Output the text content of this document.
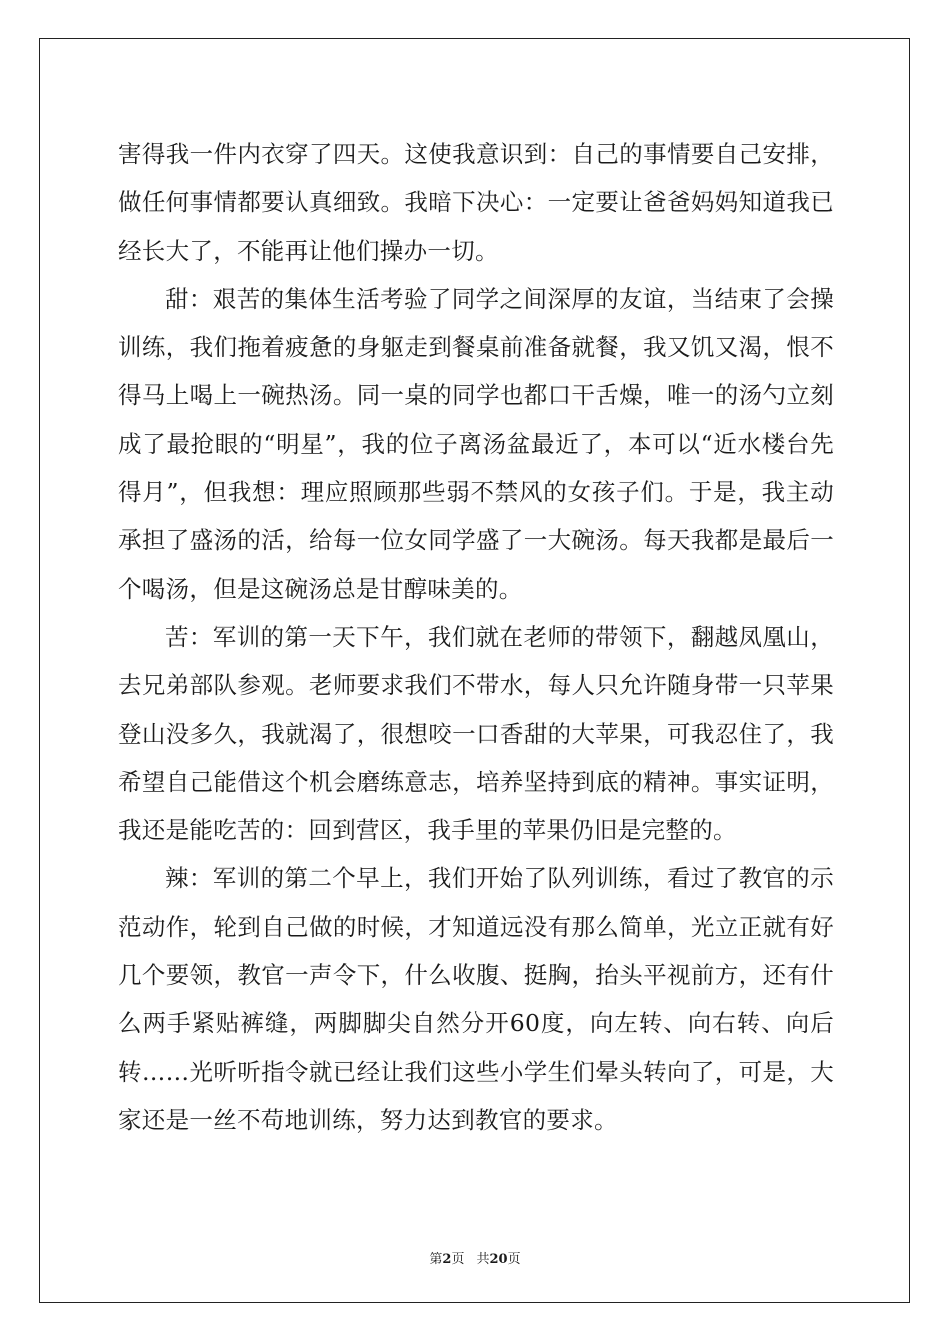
害得我一件内衣穿了四天。这使我意识到：自己的事情要自己安排，做任何事情都要认真细致。我暗下决心：一定要让爸爸妈妈知道我已经长大了，不能再让他们操办一切。

甜：艰苦的集体生活考验了同学之间深厚的友谊，当结束了会操训练，我们拖着疲惫的身躯走到餐桌前准备就餐，我又饥又渴，恨不得马上喝上一碗热汤。同一桌的同学也都口干舌燥，唯一的汤勺立刻成了最抢眼的“明星”，我的位子离汤盆最近了，本可以“近水楼台先得月”，但我想：理应照顾那些弱不禁风的女孩子们。于是，我主动承担了盛汤的活，给每一位女同学盛了一大碗汤。每天我都是最后一个喝汤，但是这碗汤总是甘醇味美的。

苦：军训的第一天下午，我们就在老师的带领下，翻越凤凰山，去兄弟部队参观。老师要求我们不带水，每人只允许随身带一只苹果登山没多久，我就渴了，很想咬一口香甜的大苹果，可我忍住了，我希望自己能借这个机会磨练意志，培养坚持到底的精神。事实证明，我还是能吃苦的：回到营区，我手里的苹果仍旧是完整的。

辣：军训的第二个早上，我们开始了队列训练，看过了教官的示范动作，轮到自己做的时候，才知道远没有那么简单，光立正就有好几个要领，教官一声令下，什么收腹、挺胸，抬头平视前方，还有什么两手紧贴裤缝，两脚脚尖自然分开60度，向左转、向右转、向后转……光听听指令就已经让我们这些小学生们晕头转向了，可是，大家还是一丝不苟地训练，努力达到教官的要求。

第2页 共20页
